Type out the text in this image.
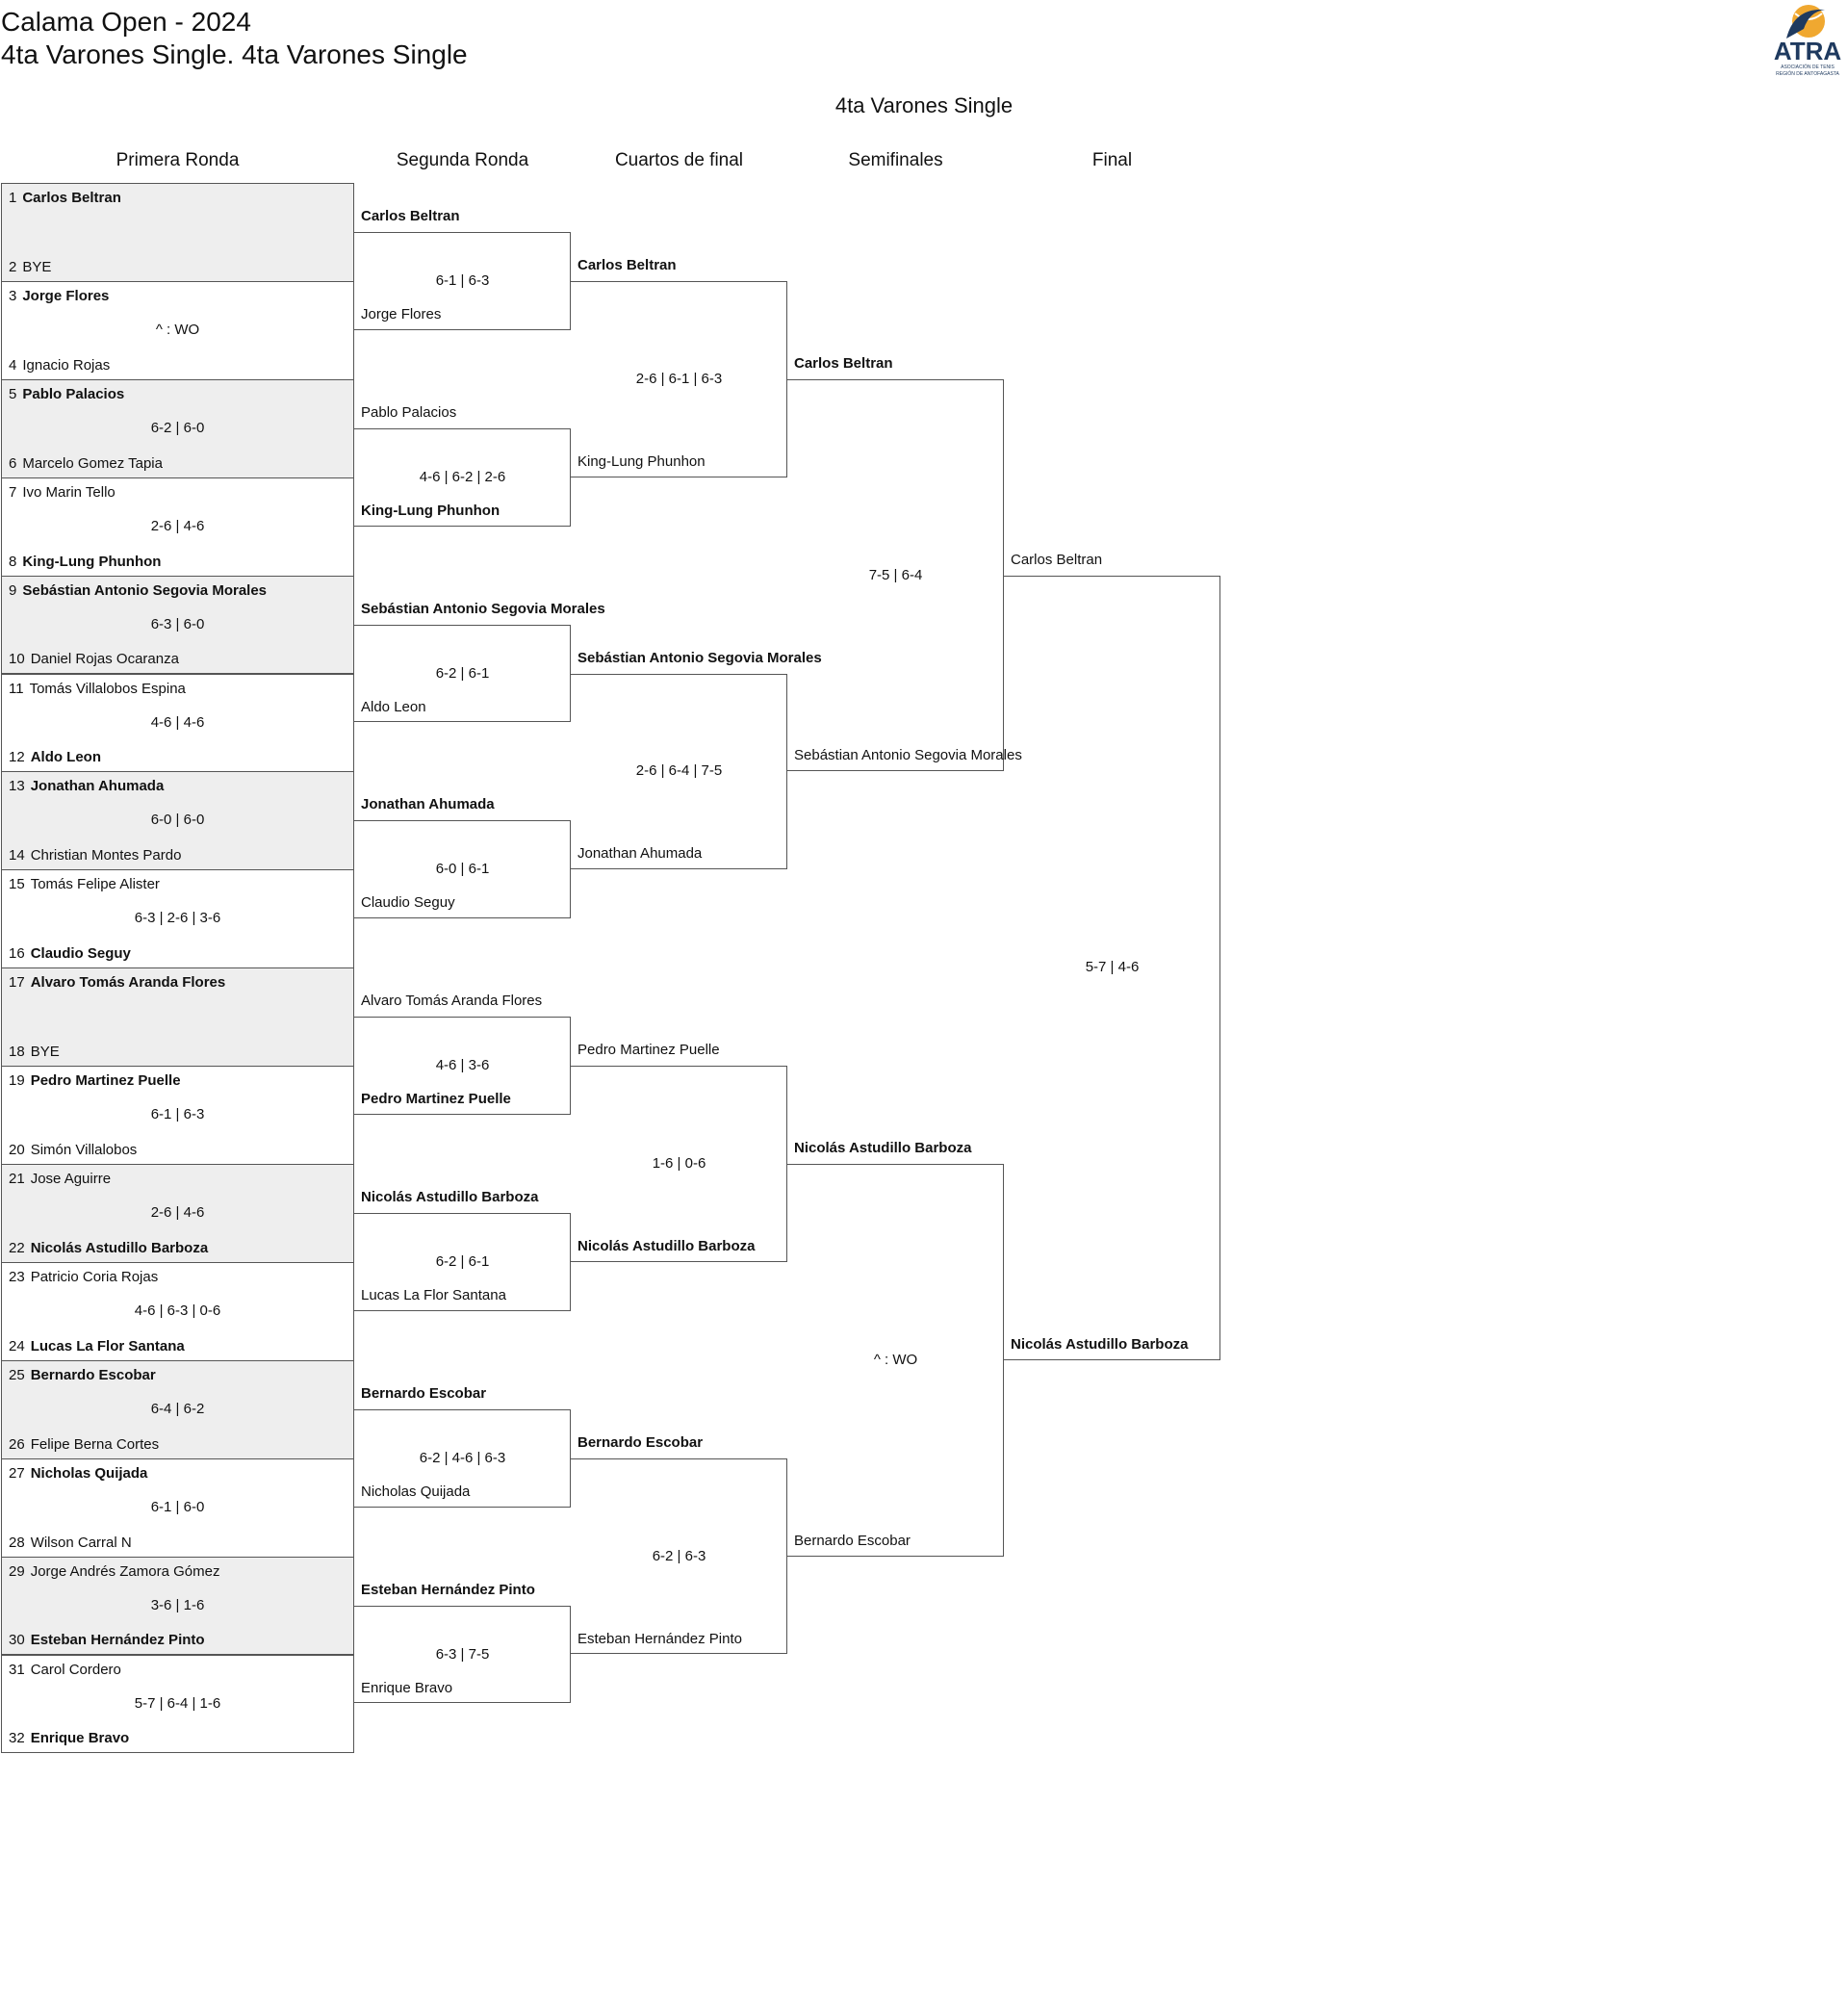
Calama Open - 2024
4ta Varones Single. 4ta Varones Single	ATRA
ASOCIACIÓN DE TENIS
REGIÓN DE ANTOFAGASTA
4ta Varones Single
Primera Ronda	Segunda Ronda	Cuartos de final	Semifinales	Final
1 Carlos Beltran
2 BYE
3 Jorge Flores
4 Ignacio Rojas
^ : WO
5 Pablo Palacios
6 Marcelo Gomez Tapia
6-2 | 6-0
7 Ivo Marin Tello
8 King-Lung Phunhon
2-6 | 4-6
9 Sebástian Antonio Segovia Morales
10 Daniel Rojas Ocaranza
6-3 | 6-0
11 Tomás Villalobos Espina
12 Aldo Leon
4-6 | 4-6
13 Jonathan Ahumada
14 Christian Montes Pardo
6-0 | 6-0
15 Tomás Felipe Alister
16 Claudio Seguy
6-3 | 2-6 | 3-6
17 Alvaro Tomás Aranda Flores
18 BYE
19 Pedro Martinez Puelle
20 Simón Villalobos
6-1 | 6-3
21 Jose Aguirre
22 Nicolás Astudillo Barboza
2-6 | 4-6
23 Patricio Coria Rojas
24 Lucas La Flor Santana
4-6 | 6-3 | 0-6
25 Bernardo Escobar
26 Felipe Berna Cortes
6-4 | 6-2
27 Nicholas Quijada
28 Wilson Carral N
6-1 | 6-0
29 Jorge Andrés Zamora Gómez
30 Esteban Hernández Pinto
3-6 | 1-6
31 Carol Cordero
32 Enrique Bravo
5-7 | 6-4 | 1-6
Carlos Beltran
Jorge Flores
6-1 | 6-3
Pablo Palacios
King-Lung Phunhon
4-6 | 6-2 | 2-6
Sebástian Antonio Segovia Morales
Aldo Leon
6-2 | 6-1
Jonathan Ahumada
Claudio Seguy
6-0 | 6-1
Alvaro Tomás Aranda Flores
Pedro Martinez Puelle
4-6 | 3-6
Nicolás Astudillo Barboza
Lucas La Flor Santana
6-2 | 6-1
Bernardo Escobar
Nicholas Quijada
6-2 | 4-6 | 6-3
Esteban Hernández Pinto
Enrique Bravo
6-3 | 7-5
Carlos Beltran
King-Lung Phunhon
2-6 | 6-1 | 6-3
Sebástian Antonio Segovia Morales
Jonathan Ahumada
2-6 | 6-4 | 7-5
Pedro Martinez Puelle
Nicolás Astudillo Barboza
1-6 | 0-6
Bernardo Escobar
Esteban Hernández Pinto
6-2 | 6-3
Carlos Beltran
Sebástian Antonio Segovia Morales
7-5 | 6-4
Nicolás Astudillo Barboza
Bernardo Escobar
^ : WO
Carlos Beltran
Nicolás Astudillo Barboza
5-7 | 4-6
